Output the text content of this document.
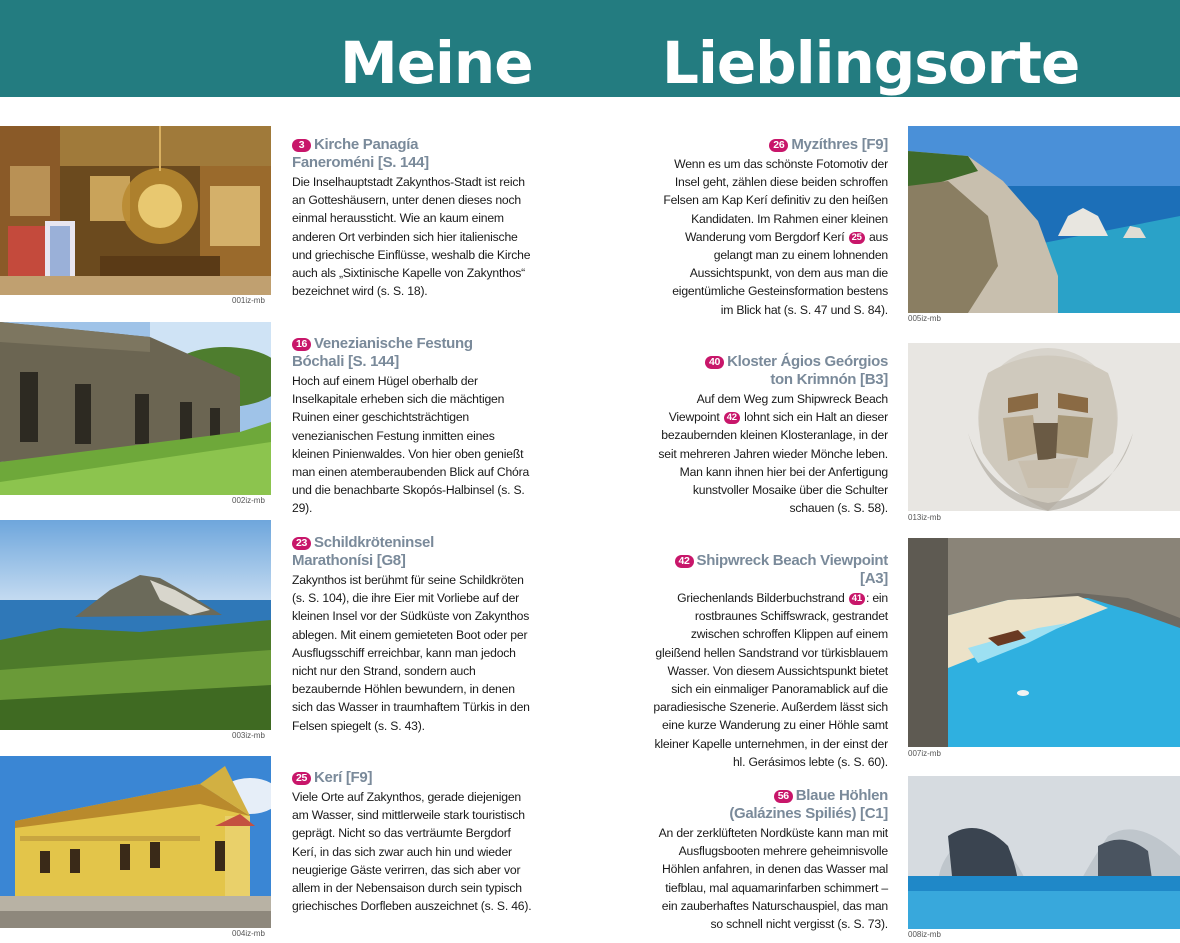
Meine Lieblingsorte
001iz-mb
002iz-mb
003iz-mb
004iz-mb
3 Kirche Panagía
Faneroméni [S. 144]
Die Inselhauptstadt Zakynthos-Stadt ist reich an Gotteshäusern, unter denen dieses noch einmal heraussticht. Wie an kaum einem anderen Ort verbinden sich hier italienische und griechische Einflüsse, weshalb die Kirche auch als „Sixtinische Kapelle von Zakynthos“ bezeichnet wird (s. S. 18).
16 Venezianische Festung
Bóchali [S. 144]
Hoch auf einem Hügel oberhalb der Inselkapitale erheben sich die mächtigen Ruinen einer geschichtsträchtigen venezianischen Festung inmitten eines kleinen Pinienwaldes. Von hier oben genießt man einen atemberaubenden Blick auf Chóra und die benachbarte Skopós-Halbinsel (s. S. 29).
23 Schildkröteninsel
Marathonísi [G8]
Zakynthos ist berühmt für seine Schildkröten (s. S. 104), die ihre Eier mit Vorliebe auf der kleinen Insel vor der Südküste von Zakynthos ablegen. Mit einem gemieteten Boot oder per Ausflugsschiff erreichbar, kann man jedoch nicht nur den Strand, sondern auch bezaubernde Höhlen bewundern, in denen sich das Wasser in traumhaftem Türkis in den Felsen spiegelt (s. S. 43).
25 Kerí [F9]
Viele Orte auf Zakynthos, gerade diejenigen am Wasser, sind mittlerweile stark touristisch geprägt. Nicht so das verträumte Bergdorf Kerí, in das sich zwar auch hin und wieder neugierige Gäste verirren, das sich aber vor allem in der Nebensaison durch sein typisch griechisches Dorfleben auszeichnet (s. S. 46).
26 Myzíthres [F9]
Wenn es um das schönste Fotomotiv der Insel geht, zählen diese beiden schroffen Felsen am Kap Kerí definitiv zu den heißen Kandidaten. Im Rahmen einer kleinen Wanderung vom Bergdorf Kerí 25 aus gelangt man zu einem lohnenden Aussichtspunkt, von dem aus man die eigentümliche Gesteinsformation bestens im Blick hat (s. S. 47 und S. 84).
40 Kloster Ágios Geórgios
ton Krimnón [B3]
Auf dem Weg zum Shipwreck Beach Viewpoint 42 lohnt sich ein Halt an dieser bezaubernden kleinen Klosteranlage, in der seit mehreren Jahren wieder Mönche leben. Man kann ihnen hier bei der Anfertigung kunstvoller Mosaike über die Schulter schauen (s. S. 58).
42 Shipwreck Beach Viewpoint [A3]
Griechenlands Bilderbuchstrand 41 : ein rostbraunes Schiffswrack, gestrandet zwischen schroffen Klippen auf einem gleißend hellen Sandstrand vor türkisblauem Wasser. Von diesem Aussichtspunkt bietet sich ein einmaliger Panoramablick auf die paradiesische Szenerie. Außerdem lässt sich eine kurze Wanderung zu einer Höhle samt kleiner Kapelle unternehmen, in der einst der hl. Gerásimos lebte (s. S. 60).
56 Blaue Höhlen
(Galázines Spiliés) [C1]
An der zerklüfteten Nordküste kann man mit Ausflugsbooten mehrere geheimnisvolle Höhlen anfahren, in denen das Wasser mal tiefblau, mal aquamarinfarben schimmert – ein zauberhaftes Naturschauspiel, das man so schnell nicht vergisst (s. S. 73).
005iz-mb
013iz-mb
007iz-mb
008iz-mb
